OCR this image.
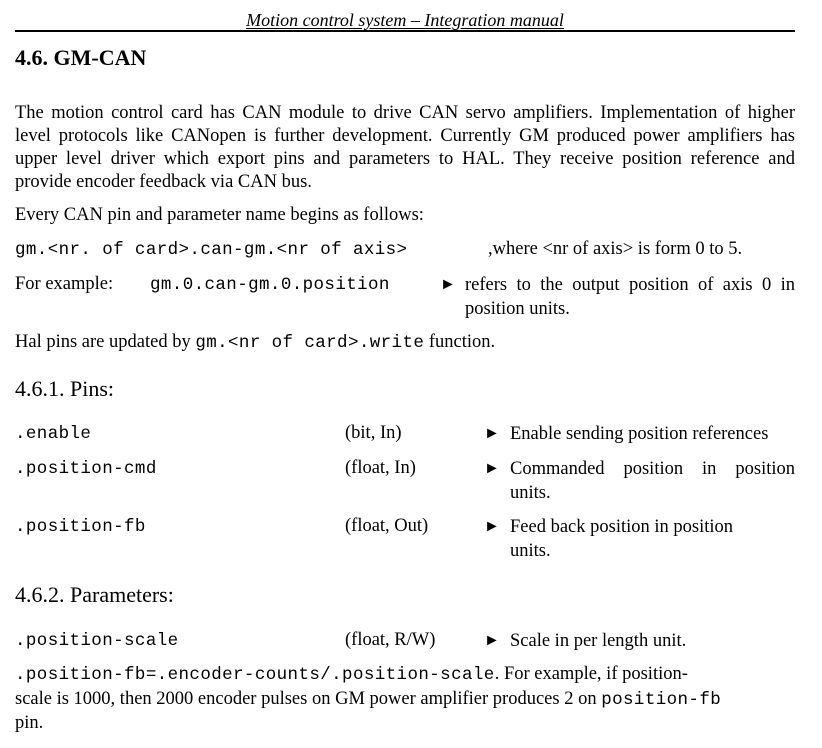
Motion control system – Integration manual
4.6. GM-CAN
The motion control card has CAN module to drive CAN servo amplifiers. Implementation of higher level protocols like CANopen is further development. Currently GM produced power amplifiers has upper level driver which export pins and parameters to HAL. They receive position reference and provide encoder feedback via CAN bus.
Every CAN pin and parameter name begins as follows:
gm.<nr. of card>.can-gm.<nr of axis>	,where <nr of axis> is form 0 to 5.
For example: gm.0.can-gm.0.position	► refers to the output position of axis 0 in position units.
Hal pins are updated by gm.<nr of card>.write function.
4.6.1. Pins:
.enable	(bit, In)	► Enable sending position references
.position-cmd	(float, In)	► Commanded position in position units.
.position-fb	(float, Out)	► Feed back position in position units.
4.6.2. Parameters:
.position-scale	(float, R/W)	► Scale in per length unit.
.position-fb=.encoder-counts/.position-scale. For example, if position-
scale is 1000, then 2000 encoder pulses on GM power amplifier produces 2 on position-fb
pin.
